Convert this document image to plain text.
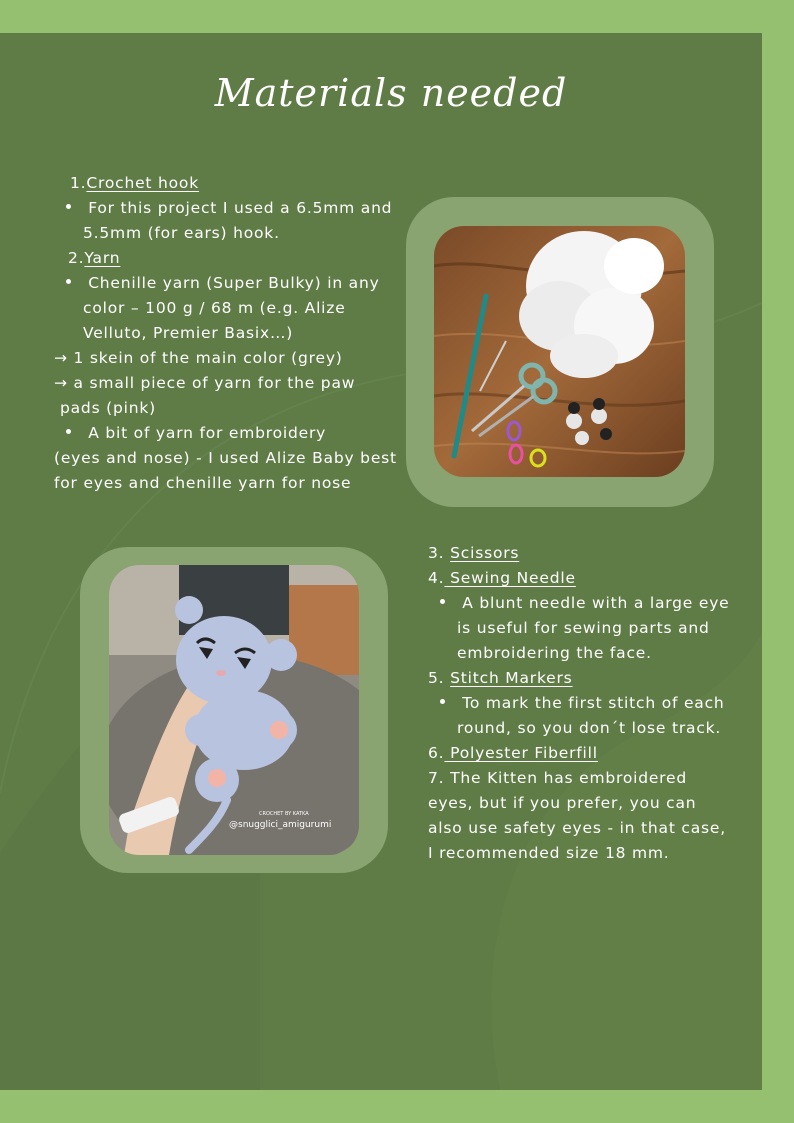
Materials needed
1.Crochet hook
For this project I used a 6.5mm and
5.5mm (for ears) hook.
2.Yarn
Chenille yarn (Super Bulky) in any
color – 100 g / 68 m (e.g. Alize
Velluto, Premier Basix…)
→ 1 skein of the main color (grey)
→ a small piece of yarn for the paw
pads (pink)
A bit of yarn for embroidery
(eyes and nose) - I used Alize Baby best
for eyes and chenille yarn for nose
CROCHET BY KATKA
@snugglici_amigurumi
3. Scissors
4. Sewing Needle
A blunt needle with a large eye
is useful for sewing parts and
embroidering the face.
5. Stitch Markers
To mark the first stitch of each
round, so you don´t lose track.
6. Polyester Fiberfill
7. The Kitten has embroidered
eyes, but if you prefer, you can
also use safety eyes - in that case,
I recommended size 18 mm.
